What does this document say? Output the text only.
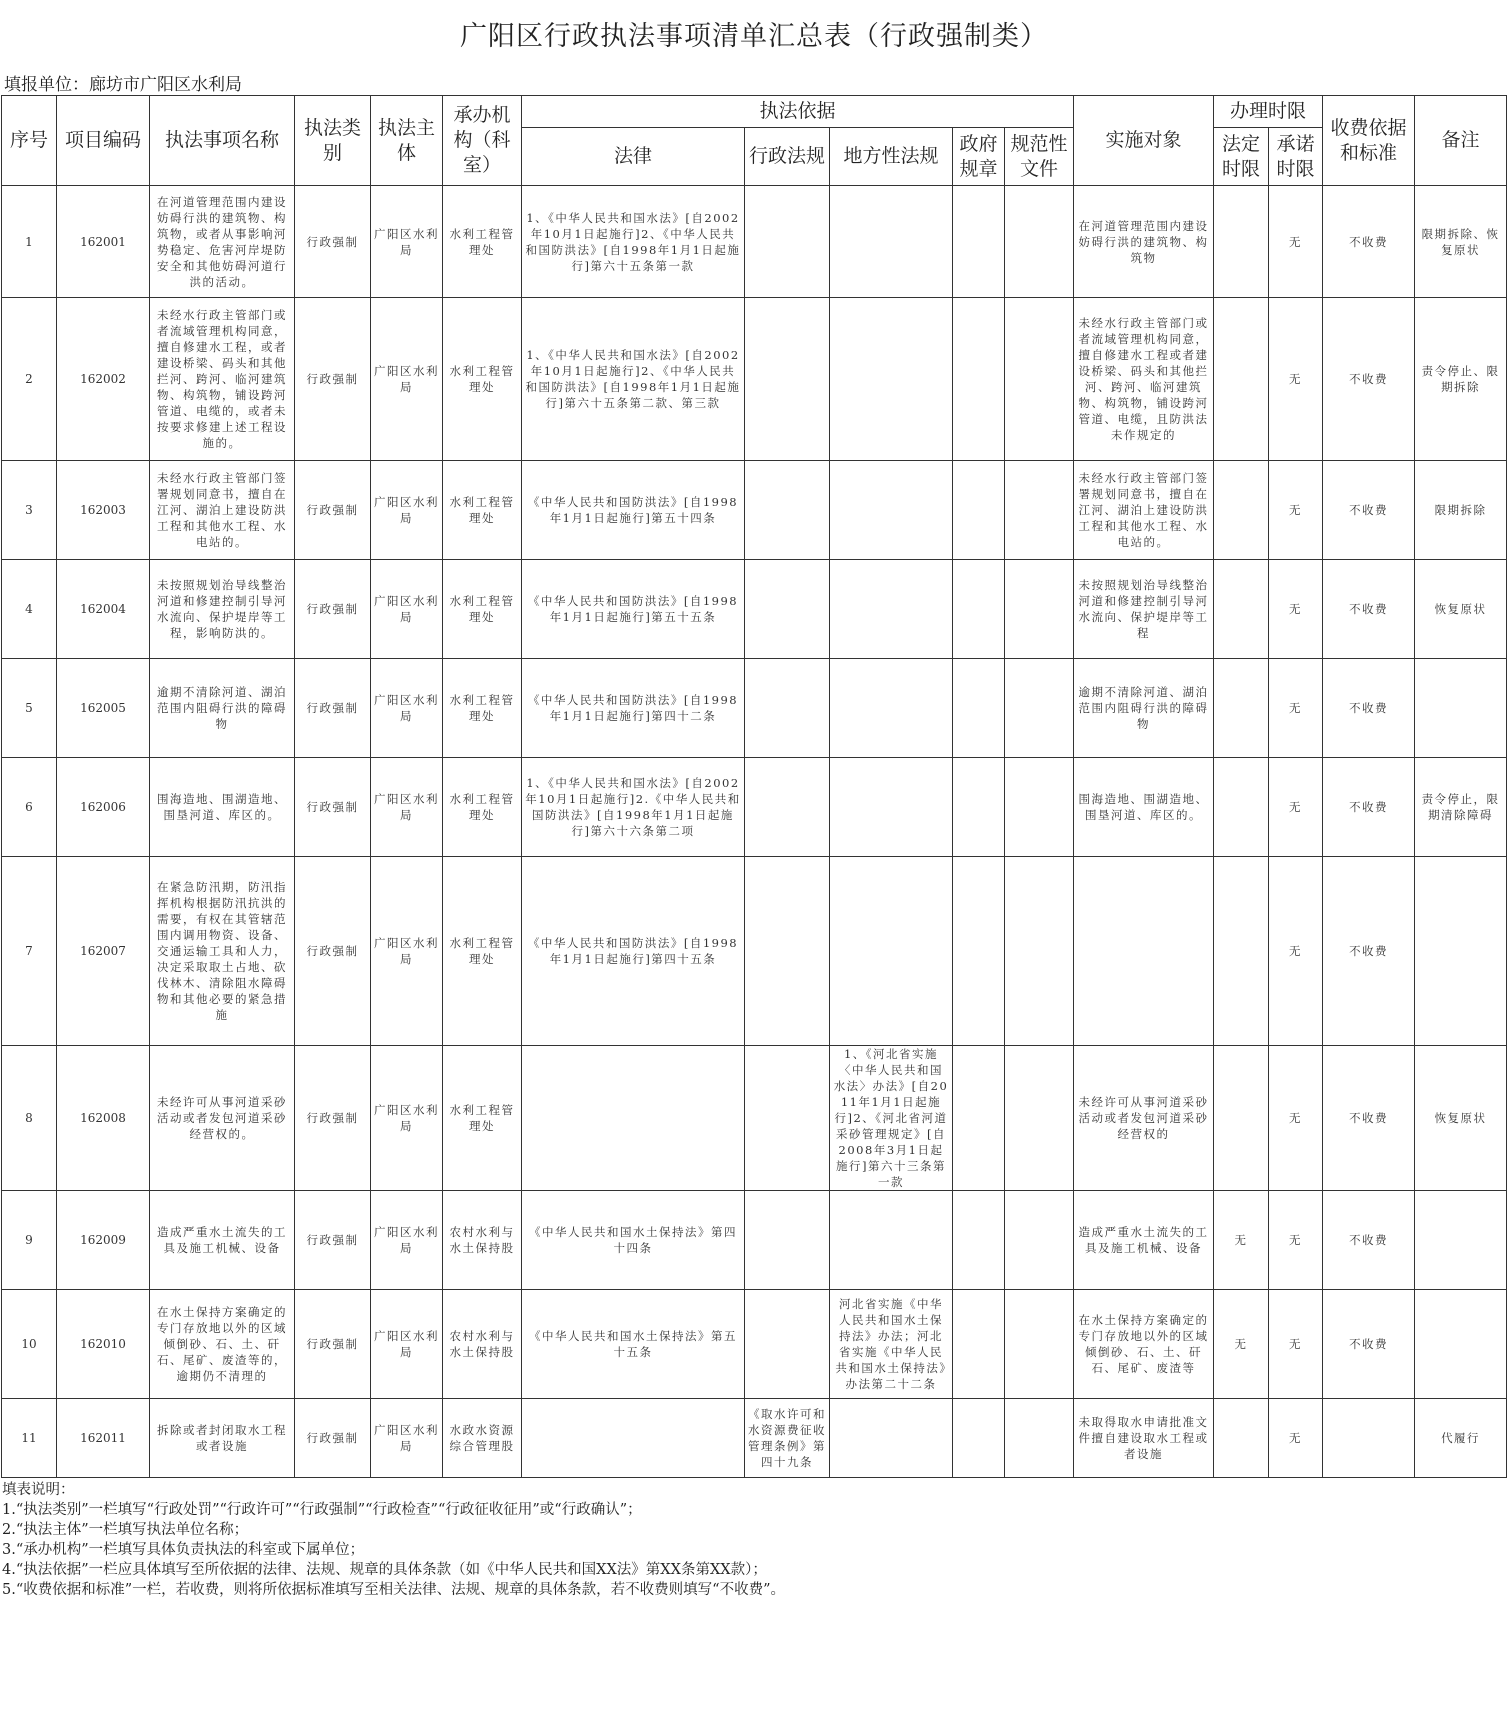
广阳区行政执法事项清单汇总表（行政强制类）
填报单位：廊坊市广阳区水利局
序号	项目编码	执法事项名称	执法类别	执法主体	承办机构（科室）	执法依据					实施对象	办理时限		收费依据和标准	备注
						法律	行政法规	地方性法规	政府规章	规范性文件		法定时限	承诺时限		
1	162001	在河道管理范围内建设妨碍行洪的建筑物、构筑物，或者从事影响河势稳定、危害河岸堤防安全和其他妨碍河道行洪的活动。	行政强制	广阳区水利局	水利工程管理处	1、《中华人民共和国水法》[自2002年10月1日起施行]2、《中华人民共和国防洪法》[自1998年1月1日起施行]第六十五条第一款					在河道管理范围内建设妨碍行洪的建筑物、构筑物		无	不收费	限期拆除、恢复原状
2	162002	未经水行政主管部门或者流域管理机构同意，擅自修建水工程，或者建设桥梁、码头和其他拦河、跨河、临河建筑物、构筑物，铺设跨河管道、电缆的，或者未按要求修建上述工程设施的。	行政强制	广阳区水利局	水利工程管理处	1、《中华人民共和国水法》[自2002年10月1日起施行]2、《中华人民共和国防洪法》[自1998年1月1日起施行]第六十五条第二款、第三款					未经水行政主管部门或者流域管理机构同意，擅自修建水工程或者建设桥梁、码头和其他拦河、跨河、临河建筑物、构筑物，铺设跨河管道、电缆，且防洪法未作规定的		无	不收费	责令停止、限期拆除
3	162003	未经水行政主管部门签署规划同意书，擅自在江河、湖泊上建设防洪工程和其他水工程、水电站的。	行政强制	广阳区水利局	水利工程管理处	《中华人民共和国防洪法》[自1998年1月1日起施行]第五十四条					未经水行政主管部门签署规划同意书，擅自在江河、湖泊上建设防洪工程和其他水工程、水电站的。		无	不收费	限期拆除
4	162004	未按照规划治导线整治河道和修建控制引导河水流向、保护堤岸等工程，影响防洪的。	行政强制	广阳区水利局	水利工程管理处	《中华人民共和国防洪法》[自1998年1月1日起施行]第五十五条					未按照规划治导线整治河道和修建控制引导河水流向、保护堤岸等工程		无	不收费	恢复原状
5	162005	逾期不清除河道、湖泊范围内阻碍行洪的障碍物	行政强制	广阳区水利局	水利工程管理处	《中华人民共和国防洪法》[自1998年1月1日起施行]第四十二条					逾期不清除河道、湖泊范围内阻碍行洪的障碍物		无	不收费	
6	162006	围海造地、围湖造地、围垦河道、库区的。	行政强制	广阳区水利局	水利工程管理处	1、《中华人民共和国水法》[自2002年10月1日起施行]2.《中华人民共和国防洪法》[自1998年1月1日起施行]第六十六条第二项					围海造地、围湖造地、围垦河道、库区的。		无	不收费	责令停止，限期清除障碍
7	162007	在紧急防汛期，防汛指挥机构根据防汛抗洪的需要，有权在其管辖范围内调用物资、设备、交通运输工具和人力，决定采取取土占地、砍伐林木、清除阻水障碍物和其他必要的紧急措施	行政强制	广阳区水利局	水利工程管理处	《中华人民共和国防洪法》[自1998年1月1日起施行]第四十五条							无	不收费	
8	162008	未经许可从事河道采砂活动或者发包河道采砂经营权的。	行政强制	广阳区水利局	水利工程管理处			1、《河北省实施〈中华人民共和国水法〉办法》[自2011年1月1日起施行]2、《河北省河道采砂管理规定》[自2008年3月1日起施行]第六十三条第一款			未经许可从事河道采砂活动或者发包河道采砂经营权的		无	不收费	恢复原状
9	162009	造成严重水土流失的工具及施工机械、设备	行政强制	广阳区水利局	农村水利与水土保持股	《中华人民共和国水土保持法》第四十四条					造成严重水土流失的工具及施工机械、设备	无	无	不收费	
10	162010	在水土保持方案确定的专门存放地以外的区域倾倒砂、石、土、矸石、尾矿、废渣等的，逾期仍不清理的	行政强制	广阳区水利局	农村水利与水土保持股	《中华人民共和国水土保持法》第五十五条		河北省实施《中华人民共和国水土保持法》办法；河北省实施《中华人民共和国水土保持法》办法第二十二条			在水土保持方案确定的专门存放地以外的区域倾倒砂、石、土、矸石、尾矿、废渣等	无	无	不收费	
11	162011	拆除或者封闭取水工程或者设施	行政强制	广阳区水利局	水政水资源综合管理股		《取水许可和水资源费征收管理条例》第四十九条				未取得取水申请批准文件擅自建设取水工程或者设施		无		代履行
填表说明：
1.“执法类别”一栏填写“行政处罚”“行政许可”“行政强制”“行政检查”“行政征收征用”或“行政确认”；
2.“执法主体”一栏填写执法单位名称；
3.“承办机构”一栏填写具体负责执法的科室或下属单位；
4.“执法依据”一栏应具体填写至所依据的法律、法规、规章的具体条款（如《中华人民共和国XX法》第XX条第XX款）；
5.“收费依据和标准”一栏，若收费，则将所依据标准填写至相关法律、法规、规章的具体条款，若不收费则填写“不收费”。
